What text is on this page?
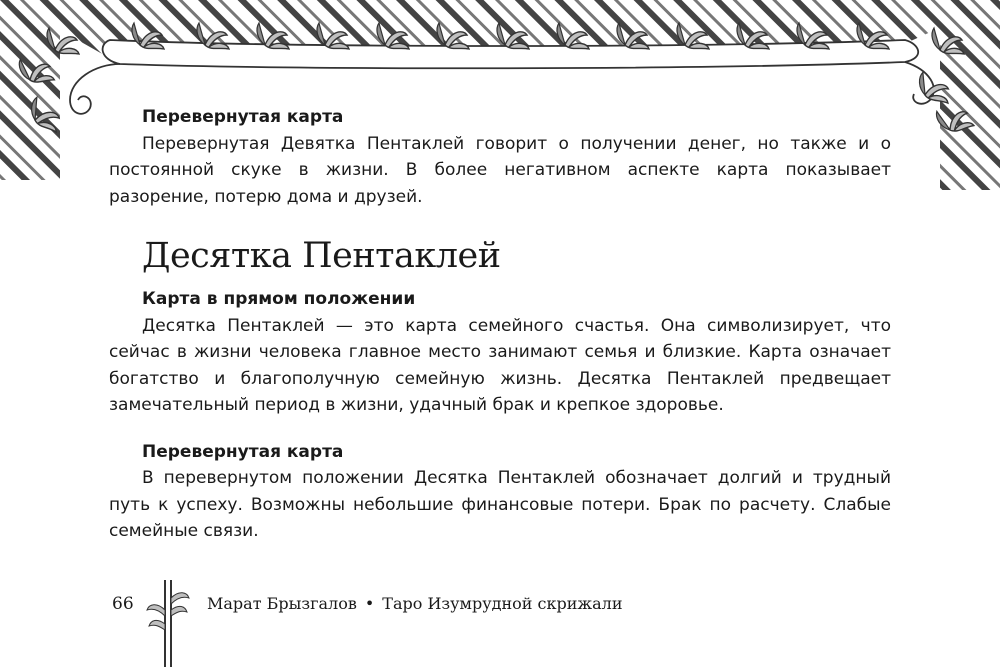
Перевернутая карта

Перевернутая Девятка Пентаклей говорит о получении денег, но также и о постоянной скуке в жизни. В более негативном аспекте карта показывает разорение, потерю дома и друзей.

Десятка Пентаклей
Карта в прямом положении

Десятка Пентаклей — это карта семейного счастья. Она символизирует, что сейчас в жизни человека главное место занимают семья и близкие. Карта означает богатство и благополучную семейную жизнь. Десятка Пентаклей предвещает замечательный период в жизни, удачный брак и крепкое здоровье.

Перевернутая карта

В перевернутом положении Десятка Пентаклей обозначает долгий и трудный путь к успеху. Возможны небольшие финансовые потери. Брак по расчету. Слабые семейные связи.

66	Марат Брызгалов • Таро Изумрудной скрижали
